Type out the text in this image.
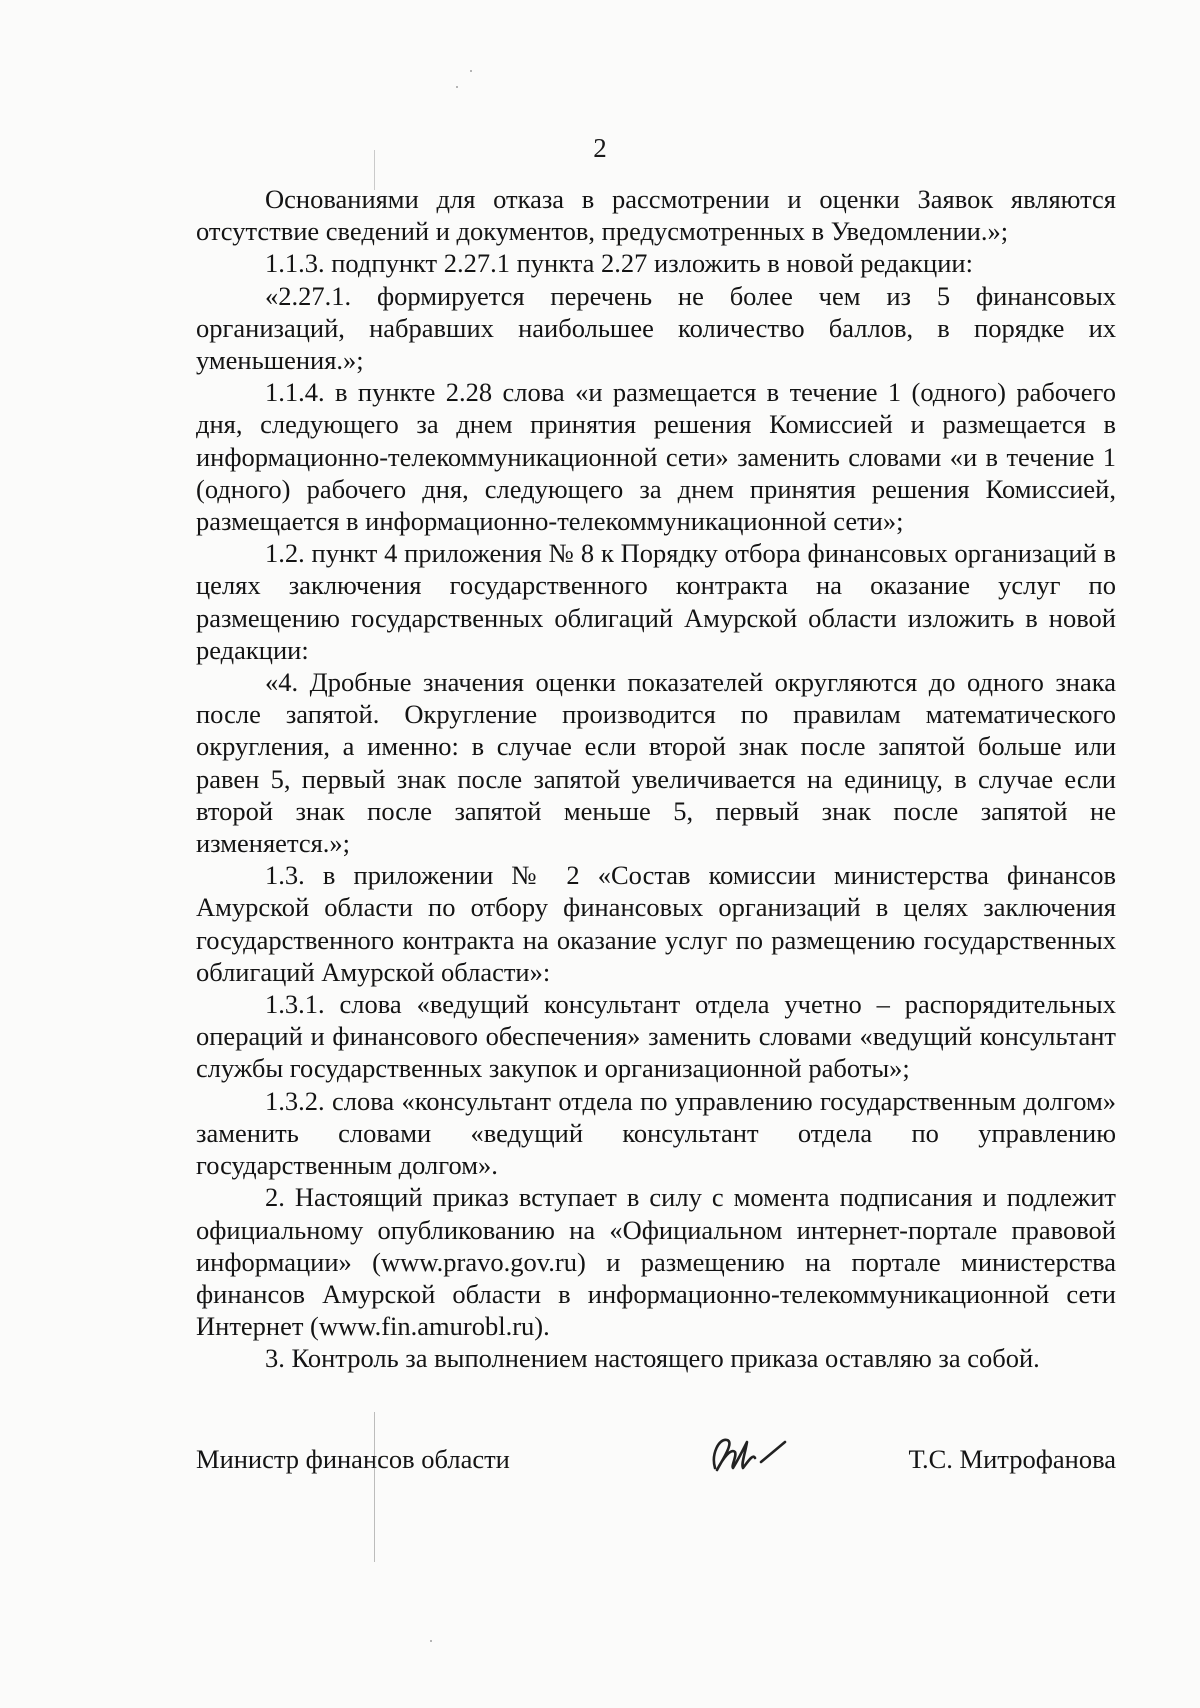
2

Основаниями для отказа в рассмотрении и оценки Заявок являются отсутствие сведений и документов, предусмотренных в Уведомлении.»;

1.1.3. подпункт 2.27.1 пункта 2.27 изложить в новой редакции:

«2.27.1. формируется перечень не более чем из 5 финансовых организаций, набравших наибольшее количество баллов, в порядке их уменьшения.»;

1.1.4. в пункте 2.28 слова «и размещается в течение 1 (одного) рабочего дня, следующего за днем принятия решения Комиссией и размещается в информационно-телекоммуникационной сети» заменить словами «и в течение 1 (одного) рабочего дня, следующего за днем принятия решения Комиссией, размещается в информационно-телекоммуникационной сети»;

1.2. пункт 4 приложения № 8 к Порядку отбора финансовых организаций в целях заключения государственного контракта на оказание услуг по размещению государственных облигаций Амурской области изложить в новой редакции:

«4. Дробные значения оценки показателей округляются до одного знака после запятой. Округление производится по правилам математического округления, а именно: в случае если второй знак после запятой больше или равен 5, первый знак после запятой увеличивается на единицу, в случае если второй знак после запятой меньше 5, первый знак после запятой не изменяется.»;

1.3. в приложении № 2 «Состав комиссии министерства финансов Амурской области по отбору финансовых организаций в целях заключения государственного контракта на оказание услуг по размещению государственных облигаций Амурской области»:

1.3.1. слова «ведущий консультант отдела учетно – распорядительных операций и финансового обеспечения» заменить словами «ведущий консультант службы государственных закупок и организационной работы»;

1.3.2. слова «консультант отдела по управлению государственным долгом» заменить словами «ведущий консультант отдела по управлению государственным долгом».

2. Настоящий приказ вступает в силу с момента подписания и подлежит официальному опубликованию на «Официальном интернет-портале правовой информации» (www.pravo.gov.ru) и размещению на портале министерства финансов Амурской области в информационно-телекоммуникационной сети Интернет (www.fin.amurobl.ru).

3. Контроль за выполнением настоящего приказа оставляю за собой.

Министр финансов области	Т.С. Митрофанова
